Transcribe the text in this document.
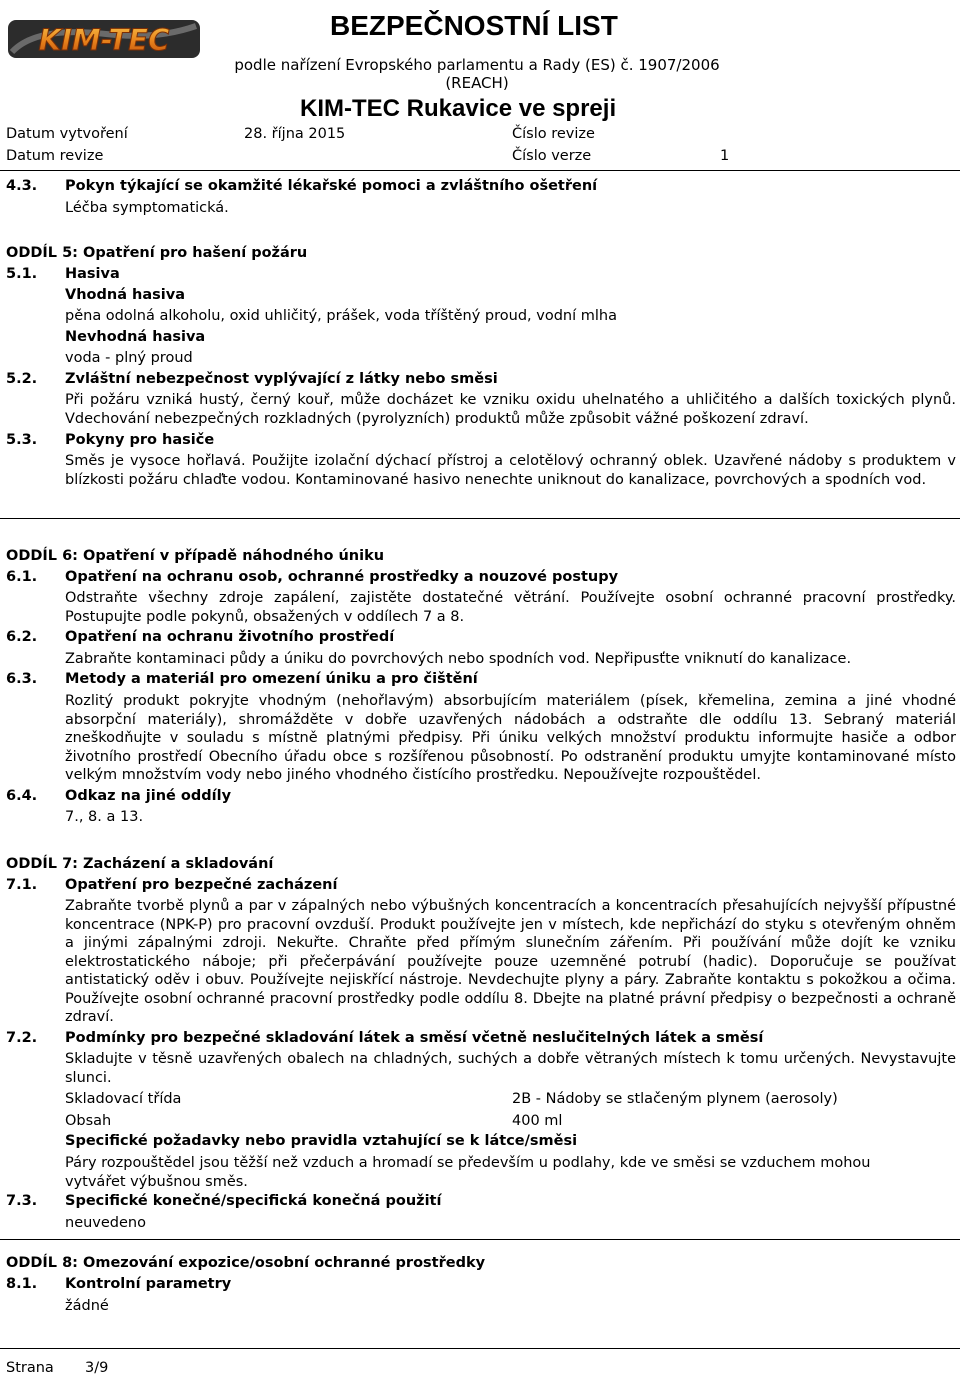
KIM-TEC	BEZPEČNOSTNÍ LIST
podle nařízení Evropského parlamentu a Rady (ES) č. 1907/2006 (REACH)
KIM-TEC Rukavice ve spreji
Datum vytvoření	28. října 2015	Číslo revize
Datum revize	Číslo verze	1
4.3. Pokyn týkající se okamžité lékařské pomoci a zvláštního ošetření
Léčba symptomatická.
ODDÍL 5: Opatření pro hašení požáru
5.1. Hasiva
Vhodná hasiva
pěna odolná alkoholu, oxid uhličitý, prášek, voda tříštěný proud, vodní mlha
Nevhodná hasiva
voda - plný proud
5.2. Zvláštní nebezpečnost vyplývající z látky nebo směsi
Při požáru vzniká hustý, černý kouř, může docházet ke vzniku oxidu uhelnatého a uhličitého a dalších toxických plynů. Vdechování nebezpečných rozkladných (pyrolyzních) produktů může způsobit vážné poškození zdraví.
5.3. Pokyny pro hasiče
Směs je vysoce hořlavá. Použijte izolační dýchací přístroj a celotělový ochranný oblek. Uzavřené nádoby s produktem v blízkosti požáru chlaďte vodou. Kontaminované hasivo nenechte uniknout do kanalizace, povrchových a spodních vod.
ODDÍL 6: Opatření v případě náhodného úniku
6.1. Opatření na ochranu osob, ochranné prostředky a nouzové postupy
Odstraňte všechny zdroje zapálení, zajistěte dostatečné větrání. Používejte osobní ochranné pracovní prostředky. Postupujte podle pokynů, obsažených v oddílech 7 a 8.
6.2. Opatření na ochranu životního prostředí
Zabraňte kontaminaci půdy a úniku do povrchových nebo spodních vod. Nepřipusťte vniknutí do kanalizace.
6.3. Metody a materiál pro omezení úniku a pro čištění
Rozlitý produkt pokryjte vhodným (nehořlavým) absorbujícím materiálem (písek, křemelina, zemina a jiné vhodné absorpční materiály), shromážděte v dobře uzavřených nádobách a odstraňte dle oddílu 13. Sebraný materiál zneškodňujte v souladu s místně platnými předpisy. Při úniku velkých množství produktu informujte hasiče a odbor životního prostředí Obecního úřadu obce s rozšířenou působností. Po odstranění produktu umyjte kontaminované místo velkým množstvím vody nebo jiného vhodného čistícího prostředku. Nepoužívejte rozpouštědel.
6.4. Odkaz na jiné oddíly
7., 8. a 13.
ODDÍL 7: Zacházení a skladování
7.1. Opatření pro bezpečné zacházení
Zabraňte tvorbě plynů a par v zápalných nebo výbušných koncentracích a koncentracích přesahujících nejvyšší přípustné koncentrace (NPK-P) pro pracovní ovzduší. Produkt používejte jen v místech, kde nepřichází do styku s otevřeným ohněm a jinými zápalnými zdroji. Nekuřte. Chraňte před přímým slunečním zářením. Při používání může dojít ke vzniku elektrostatického náboje; při přečerpávání používejte pouze uzemněné potrubí (hadic). Doporučuje se používat antistatický oděv i obuv. Používejte nejiskřící nástroje. Nevdechujte plyny a páry. Zabraňte kontaktu s pokožkou a očima. Používejte osobní ochranné pracovní prostředky podle oddílu 8. Dbejte na platné právní předpisy o bezpečnosti a ochraně zdraví.
7.2. Podmínky pro bezpečné skladování látek a směsí včetně neslučitelných látek a směsí
Skladujte v těsně uzavřených obalech na chladných, suchých a dobře větraných místech k tomu určených. Nevystavujte slunci.
Skladovací třída	2B - Nádoby se stlačeným plynem (aerosoly)
Obsah	400 ml
Specifické požadavky nebo pravidla vztahující se k látce/směsi
Páry rozpouštědel jsou těžší než vzduch a hromadí se především u podlahy, kde ve směsi se vzduchem mohou vytvářet výbušnou směs.
7.3. Specifické konečné/specifická konečná použití
neuvedeno
ODDÍL 8: Omezování expozice/osobní ochranné prostředky
8.1. Kontrolní parametry
žádné
Strana 3/9
